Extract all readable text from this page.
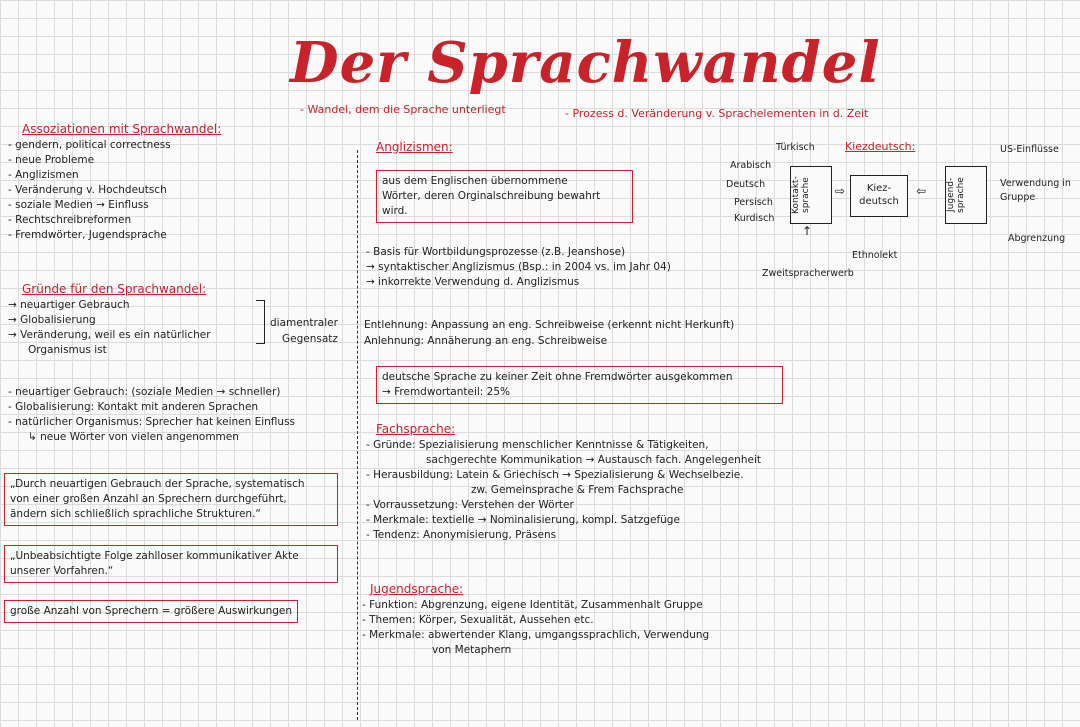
Der Sprachwandel
- Wandel, dem die Sprache unterliegt	- Prozess d. Veränderung v. Sprachelementen in d. Zeit
Assoziationen mit Sprachwandel:
- gendern, political correctness
- neue Probleme
- Anglizismen
- Veränderung v. Hochdeutsch
- soziale Medien → Einfluss
- Rechtschreibreformen
- Fremdwörter, Jugendsprache
Gründe für den Sprachwandel:
→ neuartiger Gebrauch
→ Globalisierung
→ Veränderung, weil es ein natürlicher
Organismus ist
diamentraler
Gegensatz
- neuartiger Gebrauch: (soziale Medien → schneller)
- Globalisierung: Kontakt mit anderen Sprachen
- natürlicher Organismus: Sprecher hat keinen Einfluss
↳ neue Wörter von vielen angenommen
„Durch neuartigen Gebrauch der Sprache, systematisch
von einer großen Anzahl an Sprechern durchgeführt,
ändern sich schließlich sprachliche Strukturen.“
„Unbeabsichtigte Folge zahlloser kommunikativer Akte
unserer Vorfahren.“
große Anzahl von Sprechern = größere Auswirkungen
Anglizismen:
aus dem Englischen übernommene
Wörter, deren Orginalschreibung bewahrt
wird.
- Basis für Wortbildungsprozesse (z.B. Jeanshose)
→ syntaktischer Anglizismus (Bsp.: in 2004 vs. im Jahr 04)
→ inkorrekte Verwendung d. Anglizismus
Entlehnung: Anpassung an eng. Schreibweise (erkennt nicht Herkunft)
Anlehnung: Annäherung an eng. Schreibweise
deutsche Sprache zu keiner Zeit ohne Fremdwörter ausgekommen
→ Fremdwortanteil: 25%
Fachsprache:
- Gründe: Spezialisierung menschlicher Kenntnisse & Tätigkeiten,
sachgerechte Kommunikation → Austausch fach. Angelegenheit
- Herausbildung: Latein & Griechisch → Spezialisierung & Wechselbezie.
zw. Gemeinsprache & Frem Fachsprache
- Vorraussetzung: Verstehen der Wörter
- Merkmale: textielle → Nominalisierung, kompl. Satzgefüge
- Tendenz: Anonymisierung, Präsens
Jugendsprache:
- Funktion: Abgrenzung, eigene Identität, Zusammenhalt Gruppe
- Themen: Körper, Sexualität, Aussehen etc.
- Merkmale: abwertender Klang, umgangssprachlich, Verwendung
von Metaphern
Kiezdeutsch:
Türkisch
Arabisch
Deutsch
Persisch
Kurdisch
Kontakt-sprache	⇨	Kiez-deutsch
⇦ Jugend-sprache
Ethnolekt
Zweitspracherwerb
↑
US-Einflüsse
Verwendung in Gruppe
Abgrenzung
